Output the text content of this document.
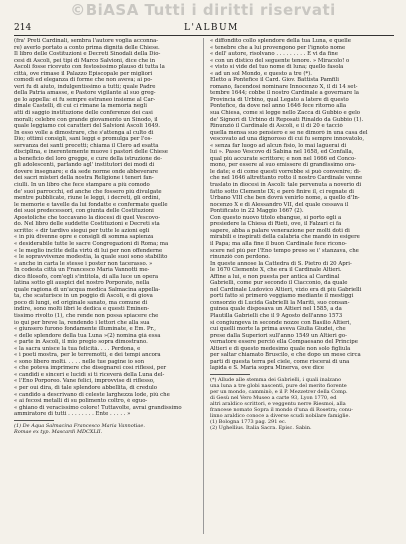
©BiASA Tutti i diritti riservati
214	L'ALBUM
(fra' Preti Cardinali, sembra l'autore voglia acconna-
re) averlo portato a conto prima dignità delle Chiese.
Il libro delle Costituzioni e Decreti Sinodali della Dio-
cesi di Ascoli, pei tipi di Marco Salvioni, dice che in
Ascoli fosse ricevuto con festosissimo plauso di tutta la
città, ove rimase il Palazzo Episcopale per migliori
comodi ed eleganza di forme che non aveva; ai po-
veri fu di aiuto, indulgentissimo a tutti; quale Padre
della Patria amasse, e Pastore vigilante al suo greg-
ge lo appella: ei fu sempre estraneo insieme al Car-
dinale Castelli, di cui ci rimane la memoria negli
atti di saggio instituzione delle conferenze dei casi
morali; celebre con grande giovamento un Sinodo, il
quale leggiamo coi caratteri del Salvioni Ascoli 1649.
In esso volle a dimostrare, che s'attenga al culto di
Dio; ottimi consigli, sani leggi e promulga per l'os-
servanza dei santi precetti; chiama il Clero ad esatta
disciplina, e inerentemente muove i pastori delle Chiese
a beneficio del loro gregge, e cure della istruzione de-
gli adolescenti, parlando agl' institutori dei modi di
dovere insegnare; e dà sede norme onde abbeverare
dei sacri misteri della nostra Religione i teneri fan-
ciulli. In un libro che fece stampare a più comodo
de' suoi parrocchi, ed anche che fossero più divulgate
mentre pubblicate, riune le leggi, i decreti, gli ordini,
le memorie e tavelle da lui fondatte e confermate quelle
dei suoi predecessori, con giunta delle Costituzioni
Apostoliche che toccavano la diocesi di quel Vescovo-
do. Nel libro delle suddette Costituzioni e Decreti sta
scritto: « dir tardivo sieguì per tutte le azioni egli
« in più divenne opre e consigli di somma sapienza
« desiderabile tutte le sacre Congregazioni di Roma; ma
« le meglio inclite della virtù di lui per non offenderne
« le sopravvivenze modestia, la quale suoi sono stabilito
« anche in carta le stesse i poster non tacerasso. »
In codesta città un Francesco Maria Vannotti me-
dico filosofo, com'egli s'intitola, di alla luce un opera
latina sotto gli auspici del nostro Porporato, nella
quale ragiona di un'acqua medica Salmacina appella-
ta, che scaturisce in un poggio di Ascoli, e di giova
poco di lungi, ed originale sanato, ma comune di
indire, sono molti libri le dedica e questi Eminen-
tissimo rivolto (1), che rende non possa spiacere che
io qui per breve la, rendendo i lettori che alla sua
« giunsero furono fondamente illuminate, e Em. Pr.,
« delle splendore della tua Luna »(2) nomina già essa
« parte in Ascoli, il mio pregio sopra dimostrano.
« la sacra unisce la tua felicità. . . . Perdona, e
« i poeti mostra, per le terremotti, e dei tempi ancora
« sono libero molti. . . . . nelle tue pagine io son
« che poteva imprimere che disegnarei così riflessi, per
« candidi e sinceri e lucidi si ti riceverà della Luna del-
« l'Eno Porporeo. Vane felici, improvvise di riflesso,
« per oui dira, di tale splendore abbellita, di credulo
« candido a descrivano di celeste larghezza lode, più che
« ai fecosi metalli di su polimento coltro, è eguo-
« ghiano di veracissimo colore! Tuttavolte, avrai grandissimo
ammiratore di tutti . . . . . . . . Ente . . . . . »
(1) De Aqua Salmacina Francesco Maria Vannotiae.
Romae ex typ. Mascardi MDCXLII.
« diffondito collo splendore della tua Luna, e quelle
« tenebre che a lui provengono per l'ignoto nome
« dell' autore, risolvano . . . . . . . . . E vi da fine
« con un distico del seguente tenore. » Miracolo! o
« visto si vide del tuo nome di luna; quello fasola
« ad un sol Mondo, e questo a tre (*).
Eletto a Pontefice il Card. Giov. Battista Pamfili
romano, facendosi nominare Innocenzo X, il di 14 set-
tembre 1644; cobbe il nostro Cardinale a governare la
Provincia di Urbino, qual Legato a latere di questo
Pontefice, da dove nel anno 1646 fece ritorno alla
sua Chiesa, come si legge nello Zacca di Gubbio e gelo
de' Signori di Urbino di Reposati Rinaldo da Gubbio (1).
Rinunziò il Cardinale di Ascoli, e il di 20 e tacciò
quella mensa suo pensiero e se ne dimorò in una casa del
vescovato ad una dignoroso di cui fu sempre innovatolo,
« senza far luogo ad alcun fisio, lo mai laguerai di
lui ». Passo Vescovo di Sabina nel 1658, ed Confalla,
qual più accurate scrittore; e non nel 1666 ed Conco-
mono, per essere al suo emissere di grandissimo ora-
le date; e di come questi vorrebbe si può convenire; di-
che nel 1646 altrettanto rotto il nostro Cardinale venne
traslato in diocesi in Ascoli: tale pervenuta a noverio di
fatto sotto Clemente IX; e però finire il, ci regnate di
Urbano VIII che ben dovrà venirlo nome, a quello d'In-
nocenzo X e di Alessandro VII, del quale cessava il
Pontificato in 22 Maggio 1667 (2).
Con questo nuovo titolo ebangue, si porto egli a
presiedere la Chiesa di Rieti, ove, il Falzari ci fa
sapere, abba a palare venerazione per molti doti di
mirabili e inspirati della calabria che mandò in esigere
il Papa; ma alla fine il buon Cardinale fece ricono-
scere nel più per l'Eno tempo preso se i' stanzava, che
rinunziò con perdono.
In queste annose la Cattedra di S. Pietro di 20 Apri-
le 1670 Clemente X, che era il Cardinale Altieri.
Affine a lui, e non puesta per antica al Cardinal
Gabrielli, come pur secondo il Ciacconio, da quale
nel Cardinale Ludovico Altieri, vizio era di più Gabrielli
porti fatto si primerò veggiamo mediante il mestiggi
consorzio di Lucida Gabrielli la Mariti, suo consan-
guinea quale disposava un Altieri nel 1585, a da
Plautilla Gabrielli che il 9 Agosto dell'anno 1573
si congiungeva in seconde nozze con Basilio Altieri,
cui quelli morte la prima aveva Giulia Giudei, che
prese dalla Superiori sull'anno 1549 un Altieri go-
vernatore essere perciò ella Compaesano del Principe
Altieri e di questo medesimo quale non solo figliula
per saltar chiamato Bruscilo, e che dopo un mese circa
parti di questa terra pel ciele, come riscerai di una
lapida e S. Maria sopra Minerva, ove dice
(*) Allude alle stemma dei Gabrielli, i quali inalzano
una luna a tre globi nascenti, pure del merito fiorente
per un mondo, camminò, e il P. Mezzetrer della Comp.
di Gesù nel Vero Museo a carte 93, Lyon 1770, ed
altri araldico scrittori, e veggentu nerre Riesmoi, alla
francese nomato Sopra il mondo d'una di Rosetra; conu-
linno araldico conoce a diverse scudi nobilare famiglie.
(1) Bologna 1773 pag. 291 ec.
(2) Ughellius. Italia Sacra. Episc. Sabin.
